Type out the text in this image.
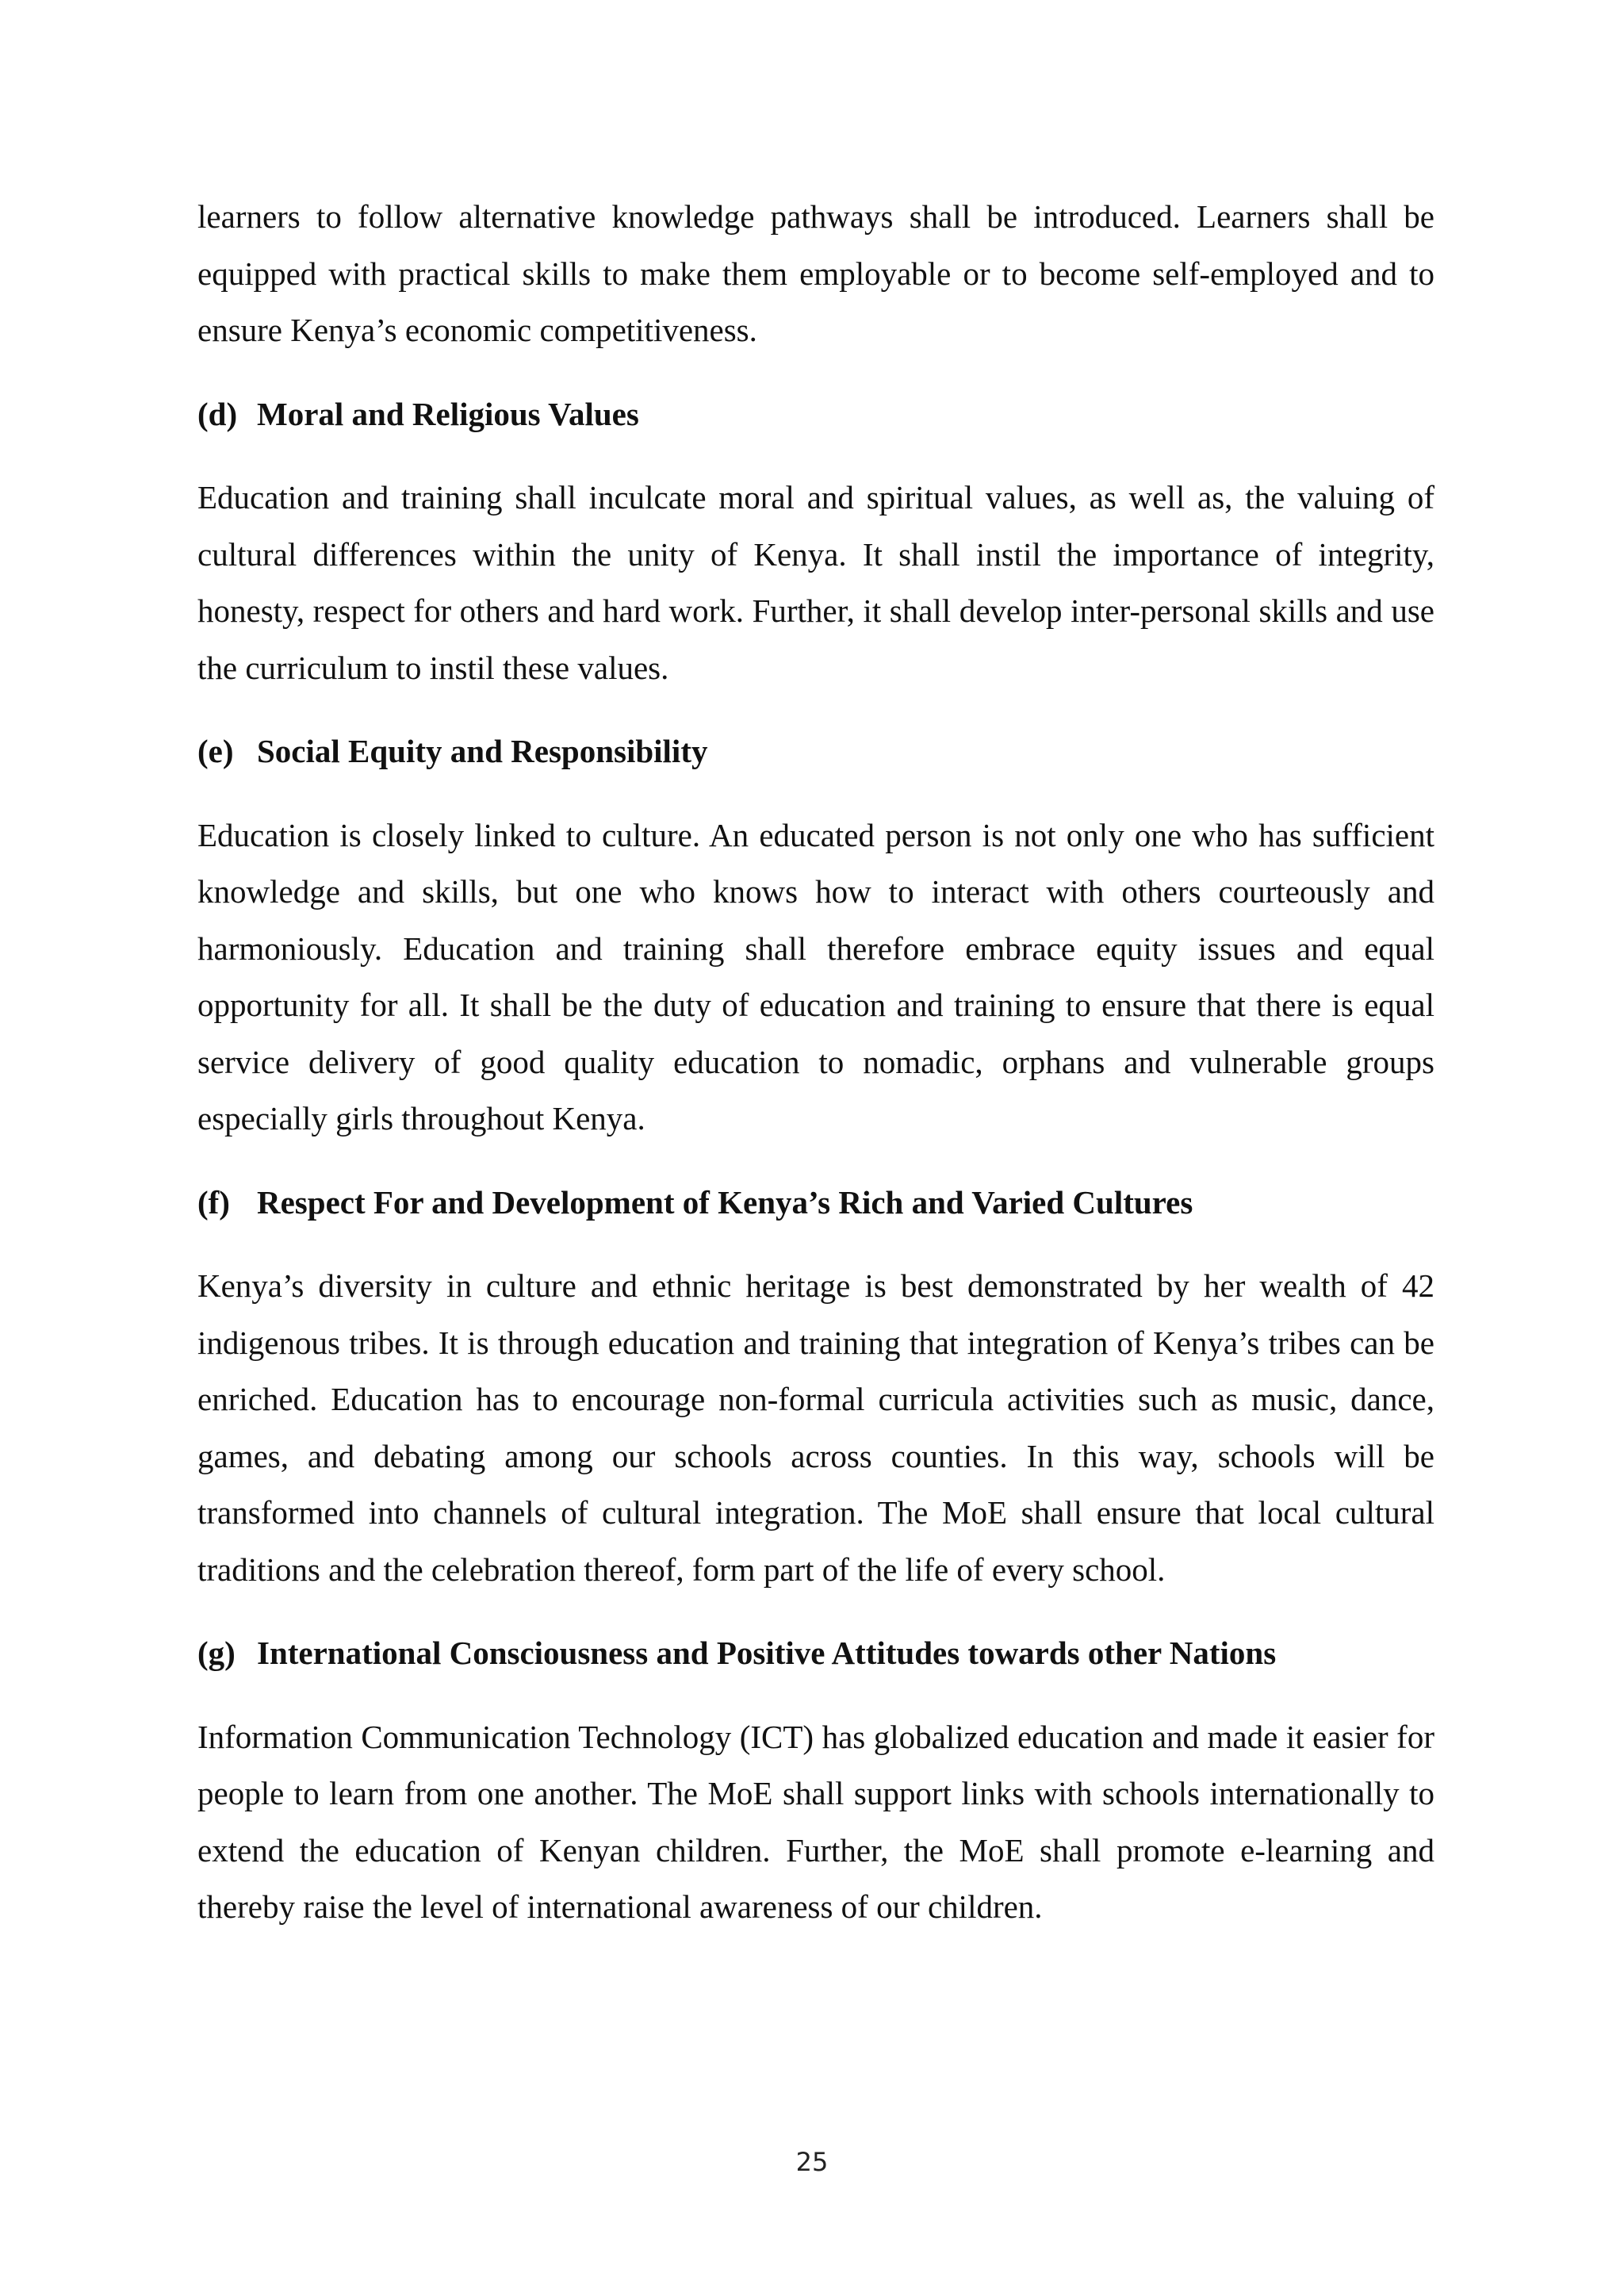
learners to follow alternative knowledge pathways shall be introduced. Learners shall be equipped with practical skills to make them employable or to become self-employed and to ensure Kenya’s economic competitiveness.

(d) Moral and Religious Values

Education and training shall inculcate moral and spiritual values, as well as, the valuing of cultural differences within the unity of Kenya. It shall instil the importance of integrity, honesty, respect for others and hard work. Further, it shall develop inter-personal skills and use the curriculum to instil these values.

(e) Social Equity and Responsibility

Education is closely linked to culture. An educated person is not only one who has sufficient knowledge and skills, but one who knows how to interact with others courteously and harmoniously. Education and training shall therefore embrace equity issues and equal opportunity for all. It shall be the duty of education and training to ensure that there is equal service delivery of good quality education to nomadic, orphans and vulnerable groups especially girls throughout Kenya.

(f) Respect For and Development of Kenya’s Rich and Varied Cultures

Kenya’s diversity in culture and ethnic heritage is best demonstrated by her wealth of 42 indigenous tribes. It is through education and training that integration of Kenya’s tribes can be enriched. Education has to encourage non-formal curricula activities such as music, dance, games, and debating among our schools across counties. In this way, schools will be transformed into channels of cultural integration. The MoE shall ensure that local cultural traditions and the celebration thereof, form part of the life of every school.

(g) International Consciousness and Positive Attitudes towards other Nations

Information Communication Technology (ICT) has globalized education and made it easier for people to learn from one another. The MoE shall support links with schools internationally to extend the education of Kenyan children. Further, the MoE shall promote e-learning and thereby raise the level of international awareness of our children.

25
